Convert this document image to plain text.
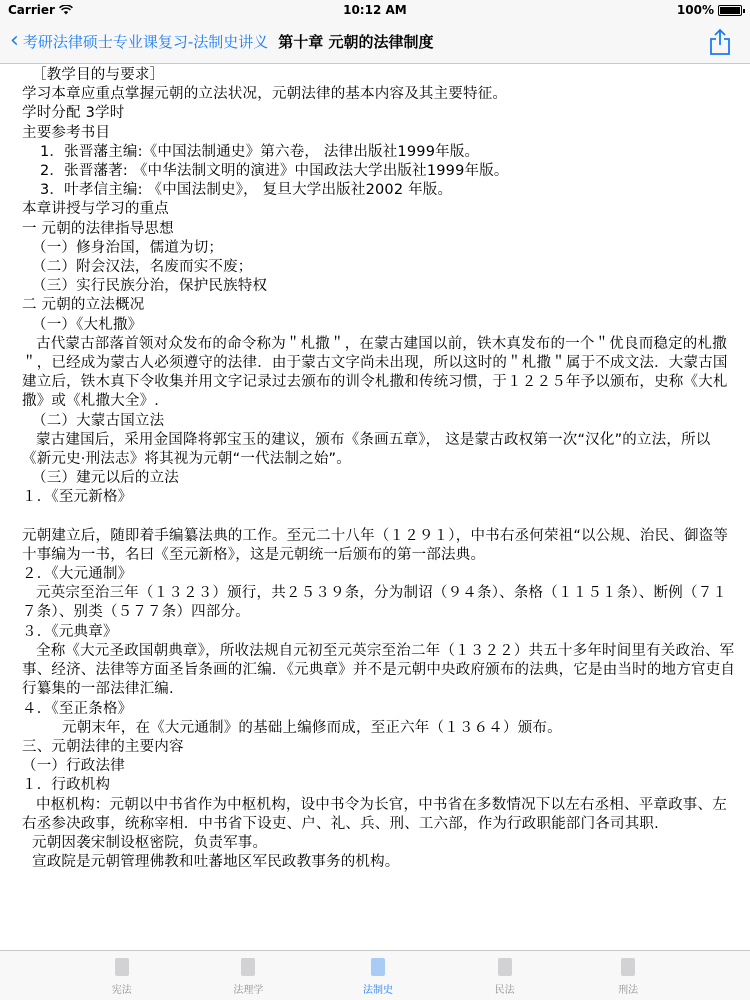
Carrier	10:12 AM	100%
‹ 考研法律硕士专业课复习-法制史讲义 第十章 元朝的法律制度
［教学目的与要求］
学习本章应重点掌握元朝的立法状况，元朝法律的基本内容及其主要特征。
学时分配 3学时
主要参考书目
1．张晋藩主编:《中国法制通史》第六卷， 法律出版社1999年版。
2．张晋藩著: 《中华法制文明的演进》中国政法大学出版社1999年版。
3．叶孝信主编: 《中国法制史》， 复旦大学出版社2002 年版。
本章讲授与学习的重点
一 元朝的法律指导思想
（一）修身治国，儒道为切；
（二）附会汉法，名废而实不废；
（三）实行民族分治，保护民族特权
二 元朝的立法概况
（一）《大札撒》
古代蒙古部落首领对众发布的命令称为＂札撒＂，在蒙古建国以前，铁木真发布的一个＂优良而稳定的札撒＂，已经成为蒙古人必须遵守的法律．由于蒙古文字尚未出现，所以这时的＂札撒＂属于不成文法．大蒙古国建立后，铁木真下令收集并用文字记录过去颁布的训令札撒和传统习惯，于１２２５年予以颁布，史称《大札撒》或《札撒大全》.
（二）大蒙古国立法
蒙古建国后，采用金国降将郭宝玉的建议，颁布《条画五章》， 这是蒙古政权第一次“汉化”的立法，所以《新元史·刑法志》将其视为元朝“一代法制之始”。
（三）建元以后的立法
１．《至元新格》
元朝建立后，随即着手编纂法典的工作。至元二十八年（１２９１），中书右丞何荣祖“以公规、治民、御盗等十事编为一书，名曰《至元新格》，这是元朝统一后颁布的第一部法典。
２．《大元通制》
元英宗至治三年（１３２３）颁行，共２５３９条，分为制诏（９４条）、条格（１１５１条）、断例（７１７条）、别类（５７７条）四部分。
３．《元典章》
全称《大元圣政国朝典章》，所收法规自元初至元英宗至治二年（１３２２）共五十多年时间里有关政治、军事、经济、法律等方面圣旨条画的汇编．《元典章》并不是元朝中央政府颁布的法典，它是由当时的地方官吏自行纂集的一部法律汇编.
４．《至正条格》
元朝末年，在《大元通制》的基础上编修而成，至正六年（１３６４）颁布。
三、元朝法律的主要内容
（一）行政法律
１．行政机构
中枢机构：元朝以中书省作为中枢机构，设中书令为长官，中书省在多数情况下以左右丞相、平章政事、左右丞参决政事，统称宰相．中书省下设吏、户、礼、兵、刑、工六部，作为行政职能部门各司其职.
元朝因袭宋制设枢密院，负责军事。
宣政院是元朝管理佛教和吐蕃地区军民政教事务的机构。
宪法	法理学	法制史	民法	刑法
